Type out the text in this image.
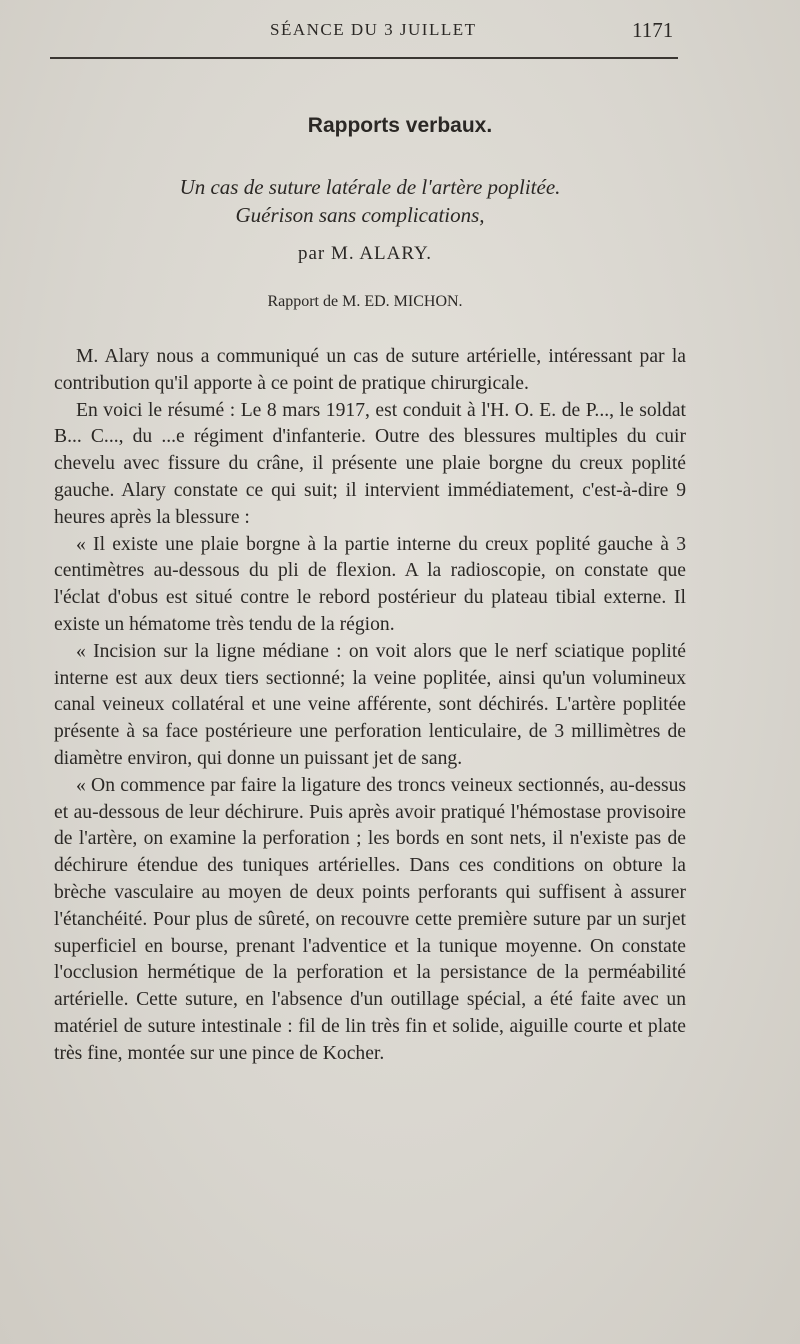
SÉANCE DU 3 JUILLET	1171
Rapports verbaux.
Un cas de suture latérale de l'artère poplitée.
Guérison sans complications,
par M. ALARY.
Rapport de M. ED. MICHON.

M. Alary nous a communiqué un cas de suture artérielle, intéressant par la contribution qu'il apporte à ce point de pratique chirurgicale.

En voici le résumé : Le 8 mars 1917, est conduit à l'H. O. E. de P..., le soldat B... C..., du ...e régiment d'infanterie. Outre des blessures multiples du cuir chevelu avec fissure du crâne, il présente une plaie borgne du creux poplité gauche. Alary constate ce qui suit; il intervient immédiatement, c'est-à-dire 9 heures après la blessure :

« Il existe une plaie borgne à la partie interne du creux poplité gauche à 3 centimètres au-dessous du pli de flexion. A la radioscopie, on constate que l'éclat d'obus est situé contre le rebord postérieur du plateau tibial externe. Il existe un hématome très tendu de la région.

« Incision sur la ligne médiane : on voit alors que le nerf sciatique poplité interne est aux deux tiers sectionné; la veine poplitée, ainsi qu'un volumineux canal veineux collatéral et une veine afférente, sont déchirés. L'artère poplitée présente à sa face postérieure une perforation lenticulaire, de 3 millimètres de diamètre environ, qui donne un puissant jet de sang.

« On commence par faire la ligature des troncs veineux sectionnés, au-dessus et au-dessous de leur déchirure. Puis après avoir pratiqué l'hémostase provisoire de l'artère, on examine la perforation ; les bords en sont nets, il n'existe pas de déchirure étendue des tuniques artérielles. Dans ces conditions on obture la brèche vasculaire au moyen de deux points perforants qui suffisent à assurer l'étanchéité. Pour plus de sûreté, on recouvre cette première suture par un surjet superficiel en bourse, prenant l'adventice et la tunique moyenne. On constate l'occlusion hermétique de la perforation et la persistance de la perméabilité artérielle. Cette suture, en l'absence d'un outillage spécial, a été faite avec un matériel de suture intestinale : fil de lin très fin et solide, aiguille courte et plate très fine, montée sur une pince de Kocher.
